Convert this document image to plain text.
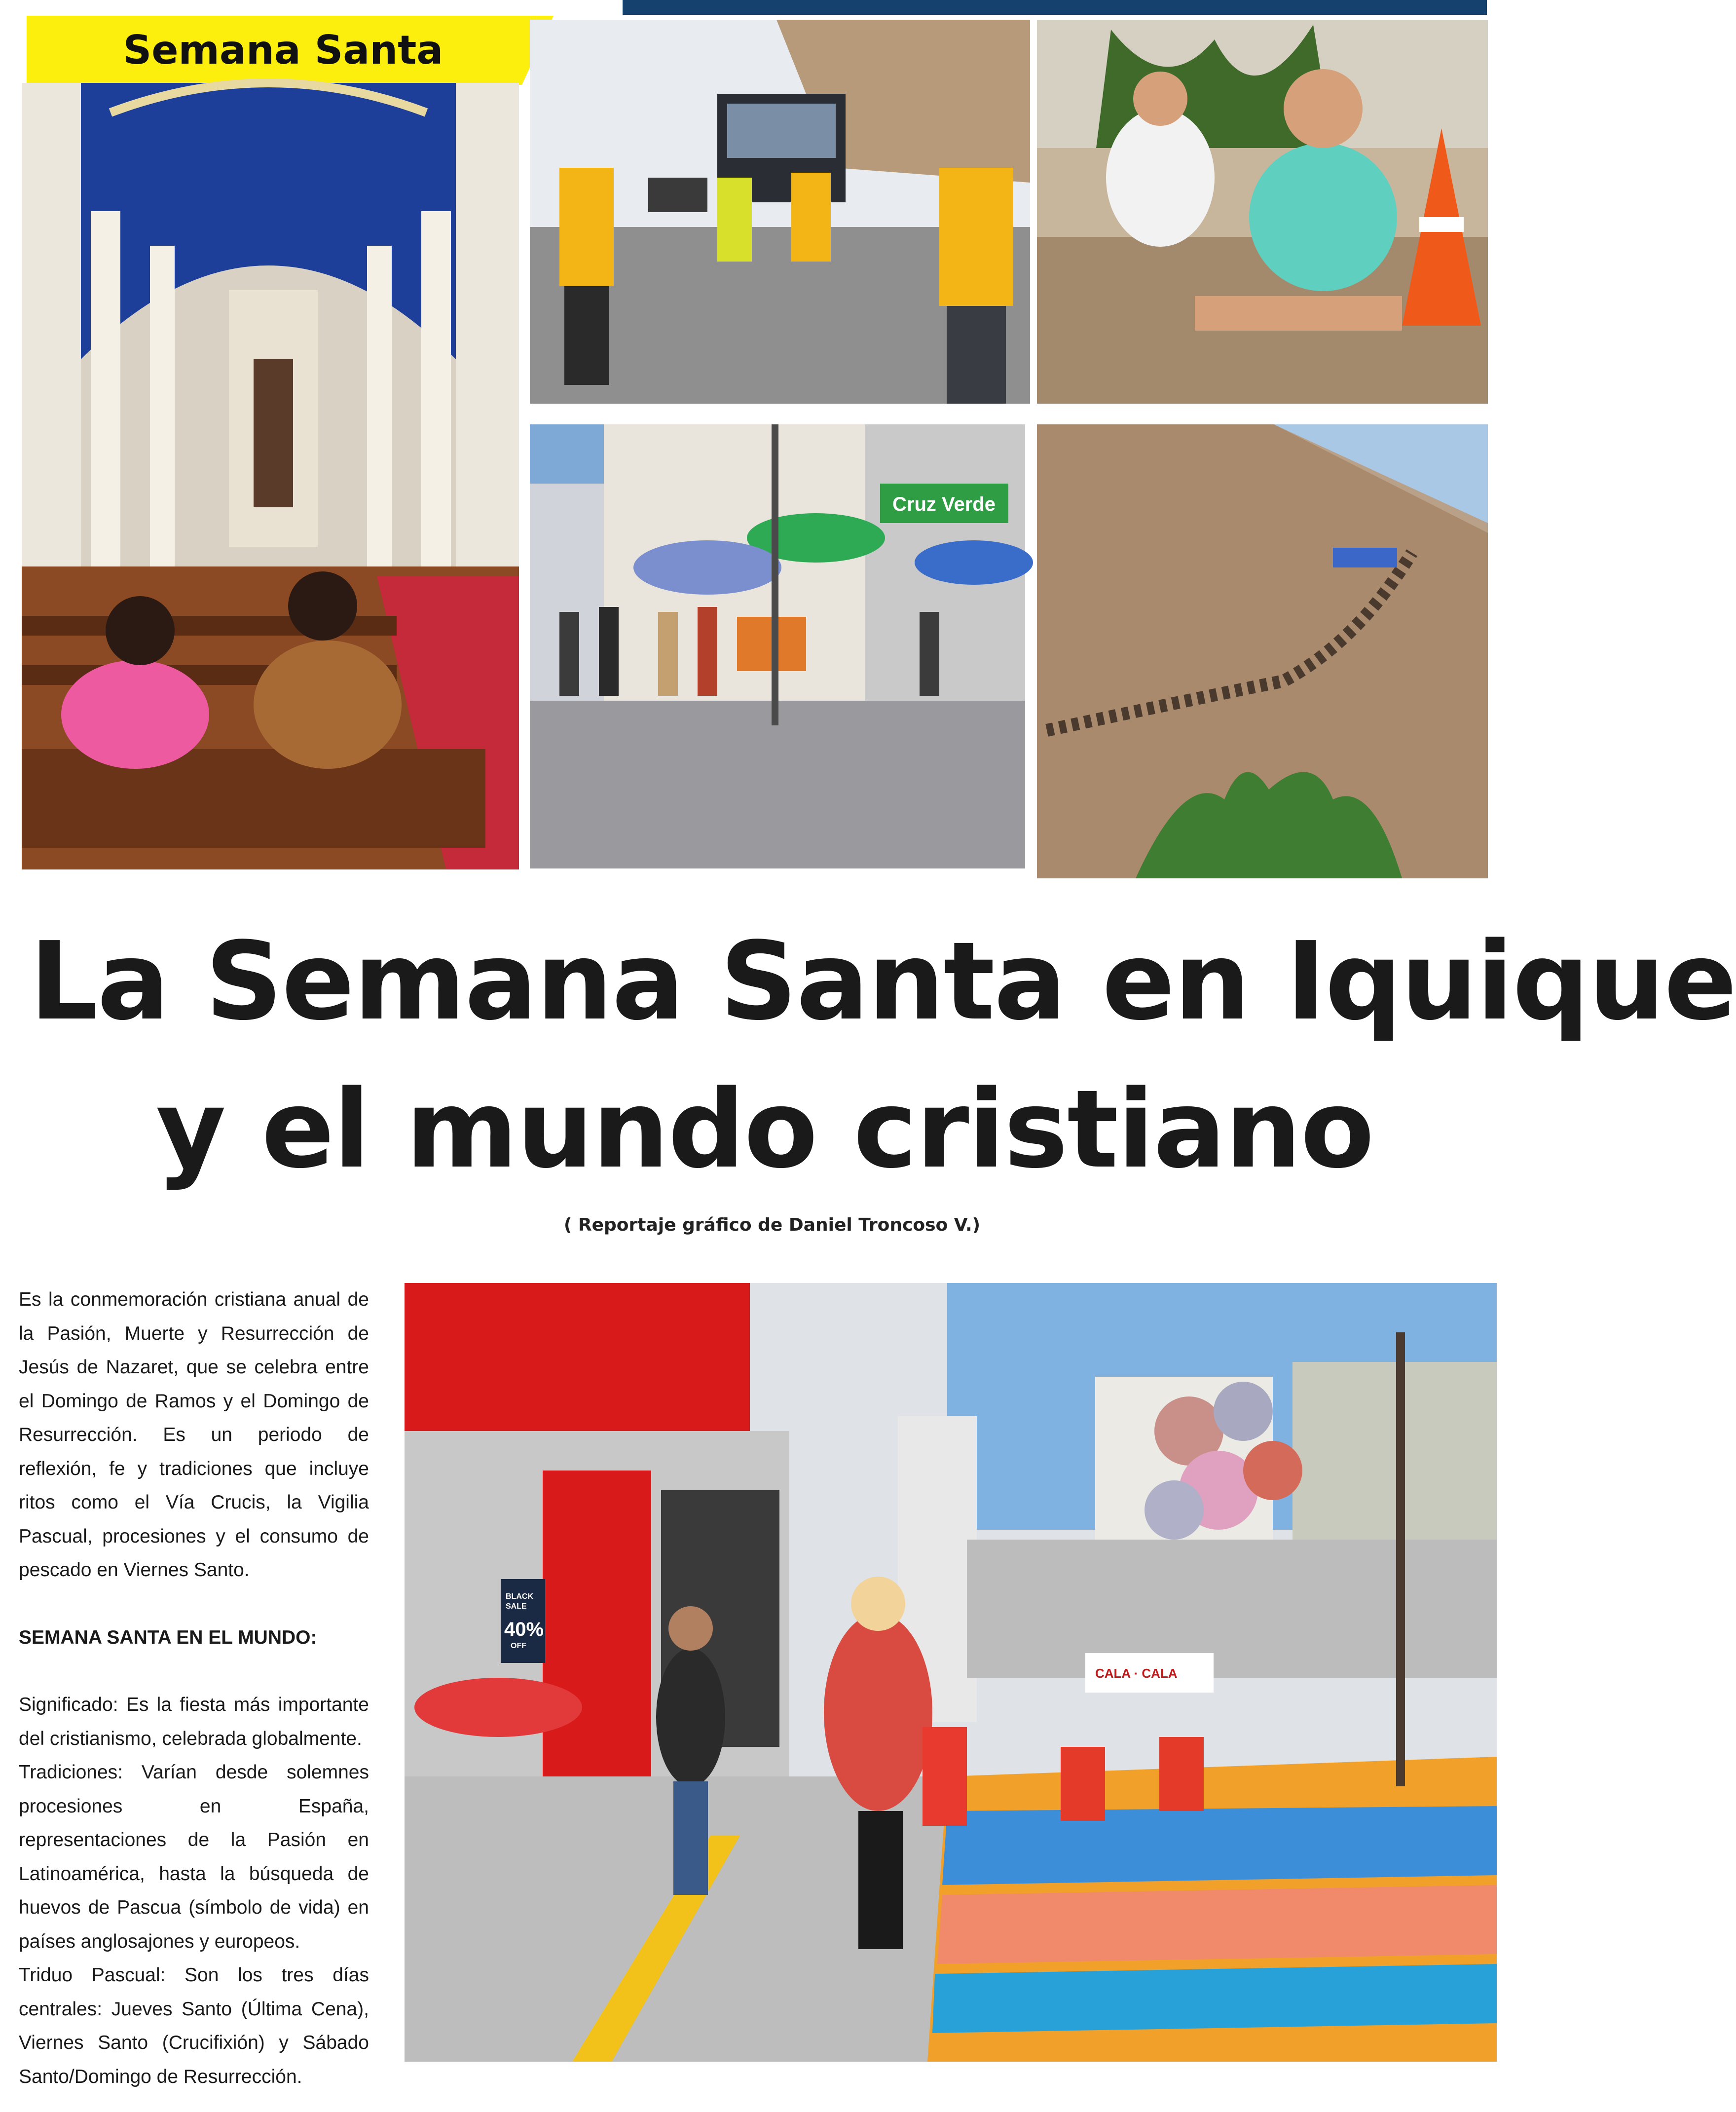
Semana Santa
Cruz Verde
La Semana Santa en Iquique
y el mundo cristiano
( Reportaje gráfico de Daniel Troncoso V.)

Es la conmemoración cristiana anual de la Pasión, Muerte y Resurrección de Jesús de Nazaret, que se celebra entre el Domingo de Ramos y el Domingo de Resurrección. Es un periodo de reflexión, fe y tradiciones que incluye ritos como el Vía Crucis, la Vigilia Pascual, procesiones y el consumo de pescado en Viernes Santo.

SEMANA SANTA EN EL MUNDO:

Significado: Es la fiesta más importante del cristianismo, celebrada globalmente.

Tradiciones: Varían desde solemnes procesiones en España, representaciones de la Pasión en Latinoamérica, hasta la búsqueda de huevos de Pascua (símbolo de vida) en países anglosajones y europeos.

Triduo Pascual: Son los tres días centrales: Jueves Santo (Última Cena), Viernes Santo (Crucifixión) y Sábado Santo/Domingo de Resurrección.

BLACK
SALE
40%
OFF
CALA · CALA
